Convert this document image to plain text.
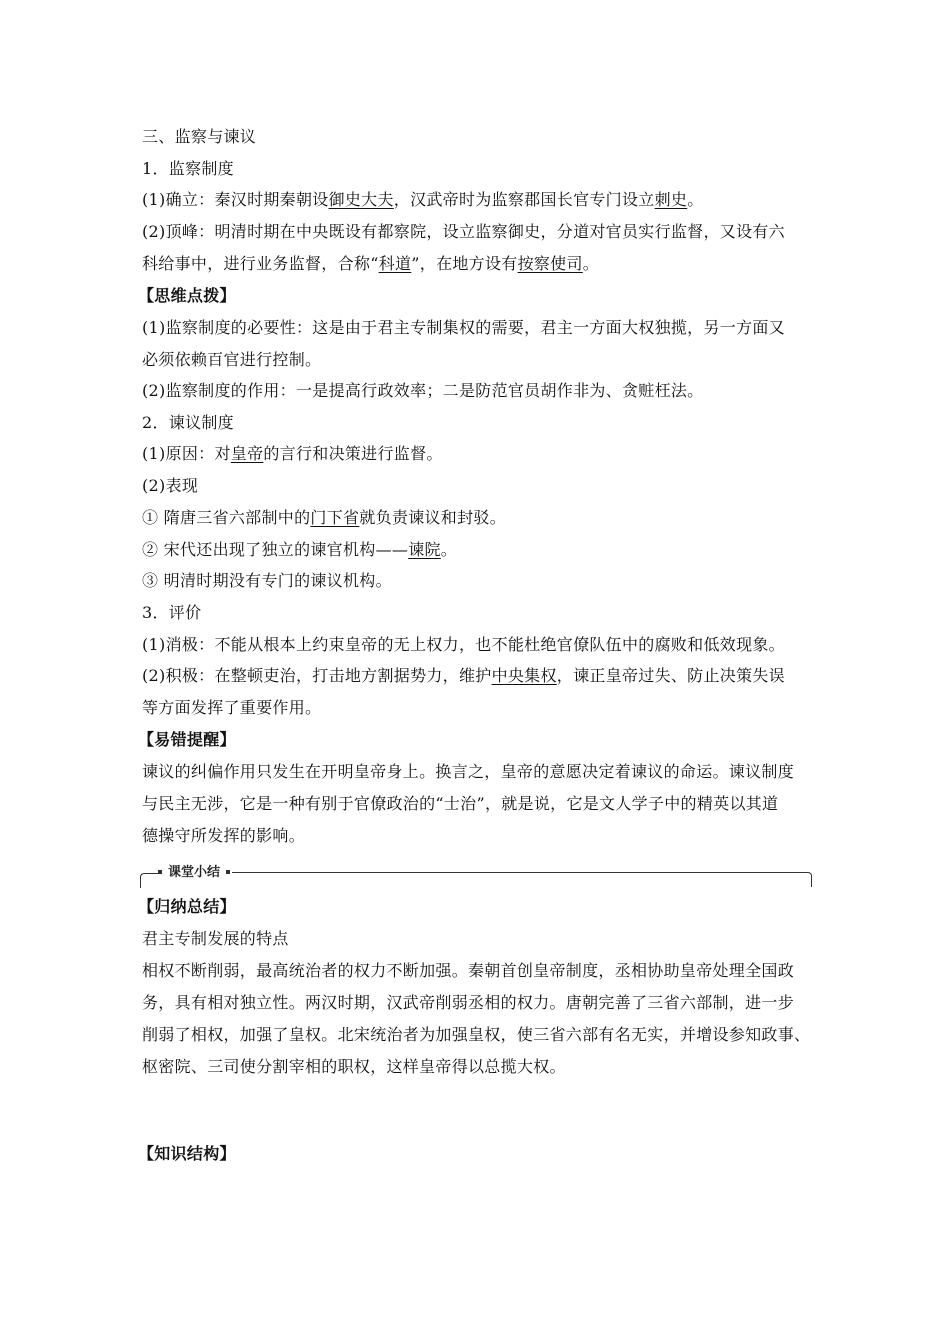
三、监察与谏议
1．监察制度
(1)确立：秦汉时期秦朝设御史大夫，汉武帝时为监察郡国长官专门设立刺史。
(2)顶峰：明清时期在中央既设有都察院，设立监察御史，分道对官员实行监督，又设有六
科给事中，进行业务监督，合称“科道”，在地方设有按察使司。
【思维点拨】
(1)监察制度的必要性：这是由于君主专制集权的需要，君主一方面大权独揽，另一方面又
必须依赖百官进行控制。
(2)监察制度的作用：一是提高行政效率；二是防范官员胡作非为、贪赃枉法。
2．谏议制度
(1)原因：对皇帝的言行和决策进行监督。
(2)表现
① 隋唐三省六部制中的门下省就负责谏议和封驳。
② 宋代还出现了独立的谏官机构——谏院。
③ 明清时期没有专门的谏议机构。
3．评价
(1)消极：不能从根本上约束皇帝的无上权力，也不能杜绝官僚队伍中的腐败和低效现象。
(2)积极：在整顿吏治，打击地方割据势力，维护中央集权，谏正皇帝过失、防止决策失误
等方面发挥了重要作用。
【易错提醒】
谏议的纠偏作用只发生在开明皇帝身上。换言之，皇帝的意愿决定着谏议的命运。谏议制度
与民主无涉，它是一种有别于官僚政治的“士治”，就是说，它是文人学子中的精英以其道
德操守所发挥的影响。
课堂小结
【归纳总结】
君主专制发展的特点
相权不断削弱，最高统治者的权力不断加强。秦朝首创皇帝制度，丞相协助皇帝处理全国政
务，具有相对独立性。两汉时期，汉武帝削弱丞相的权力。唐朝完善了三省六部制，进一步
削弱了相权，加强了皇权。北宋统治者为加强皇权，使三省六部有名无实，并增设参知政事、
枢密院、三司使分割宰相的职权，这样皇帝得以总揽大权。
【知识结构】
